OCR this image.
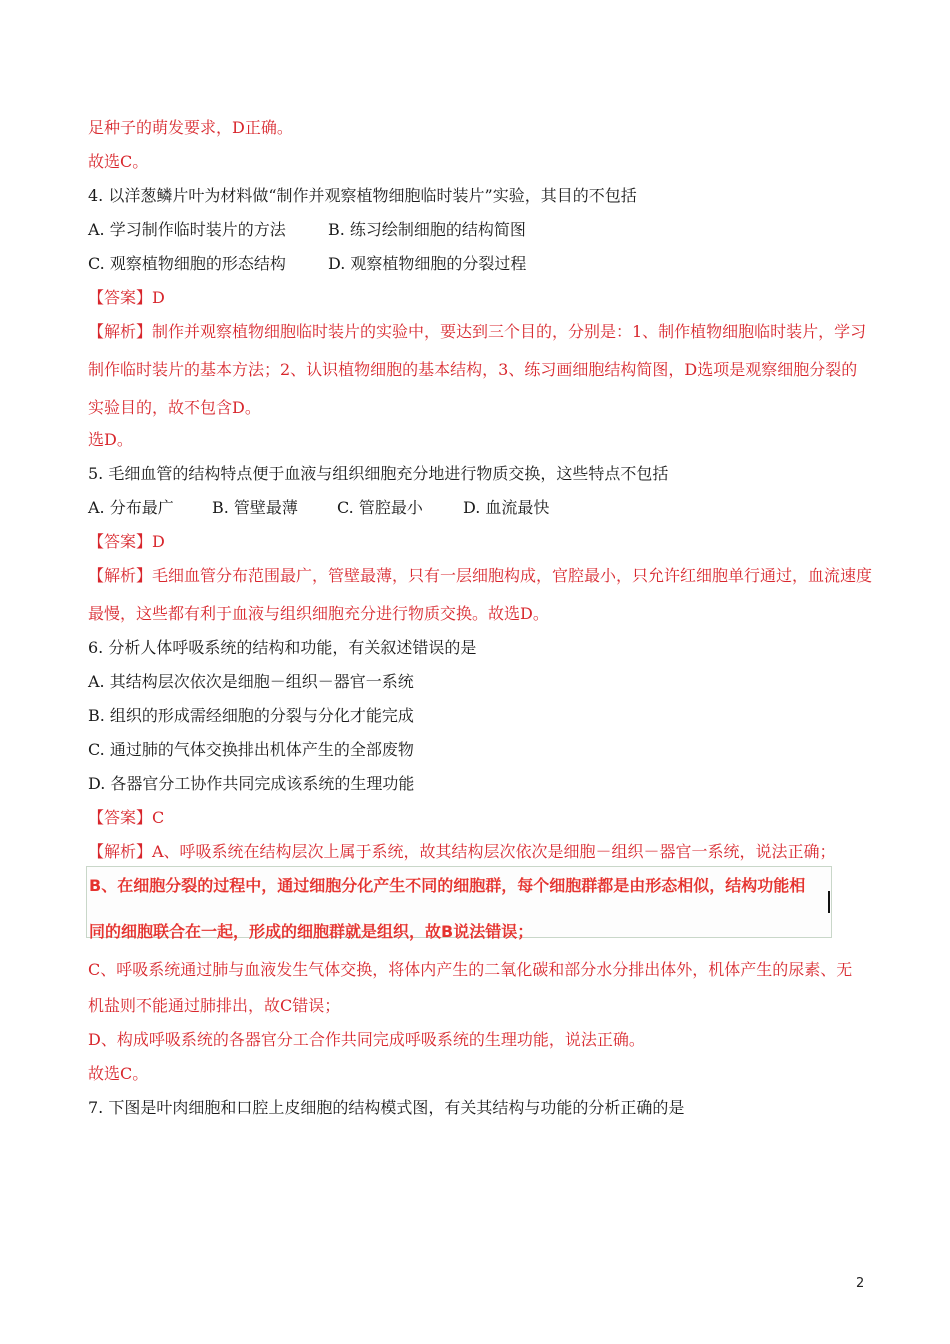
足种子的萌发要求，D正确。
故选C。
4. 以洋葱鳞片叶为材料做“制作并观察植物细胞临时装片”实验，其目的不包括
A. 学习制作临时装片的方法	B. 练习绘制细胞的结构简图
C. 观察植物细胞的形态结构	D. 观察植物细胞的分裂过程
【答案】D
【解析】制作并观察植物细胞临时装片的实验中，要达到三个目的，分别是：1、制作植物细胞临时装片，学习
制作临时装片的基本方法；2、认识植物细胞的基本结构，3、练习画细胞结构简图，D选项是观察细胞分裂的
实验目的，故不包含D。
选D。
5. 毛细血管的结构特点便于血液与组织细胞充分地进行物质交换，这些特点不包括
A. 分布最广 B. 管壁最薄 C. 管腔最小	D. 血流最快
【答案】D
【解析】毛细血管分布范围最广，管壁最薄，只有一层细胞构成，官腔最小，只允许红细胞单行通过，血流速度
最慢，这些都有利于血液与组织细胞充分进行物质交换。故选D。
6. 分析人体呼吸系统的结构和功能，有关叙述错误的是
A. 其结构层次依次是细胞－组织－器官一系统
B. 组织的形成需经细胞的分裂与分化才能完成
C. 通过肺的气体交换排出机体产生的全部废物
D. 各器官分工协作共同完成该系统的生理功能
【答案】C
【解析】A、呼吸系统在结构层次上属于系统，故其结构层次依次是细胞－组织－器官一系统，说法正确；
B、在细胞分裂的过程中，通过细胞分化产生不同的细胞群，每个细胞群都是由形态相似，结构功能相
同的细胞联合在一起，形成的细胞群就是组织，故B说法错误；
C、呼吸系统通过肺与血液发生气体交换，将体内产生的二氧化碳和部分水分排出体外，机体产生的尿素、无
机盐则不能通过肺排出，故C错误；
D、构成呼吸系统的各器官分工合作共同完成呼吸系统的生理功能，说法正确。
故选C。
7. 下图是叶肉细胞和口腔上皮细胞的结构模式图，有关其结构与功能的分析正确的是
2
